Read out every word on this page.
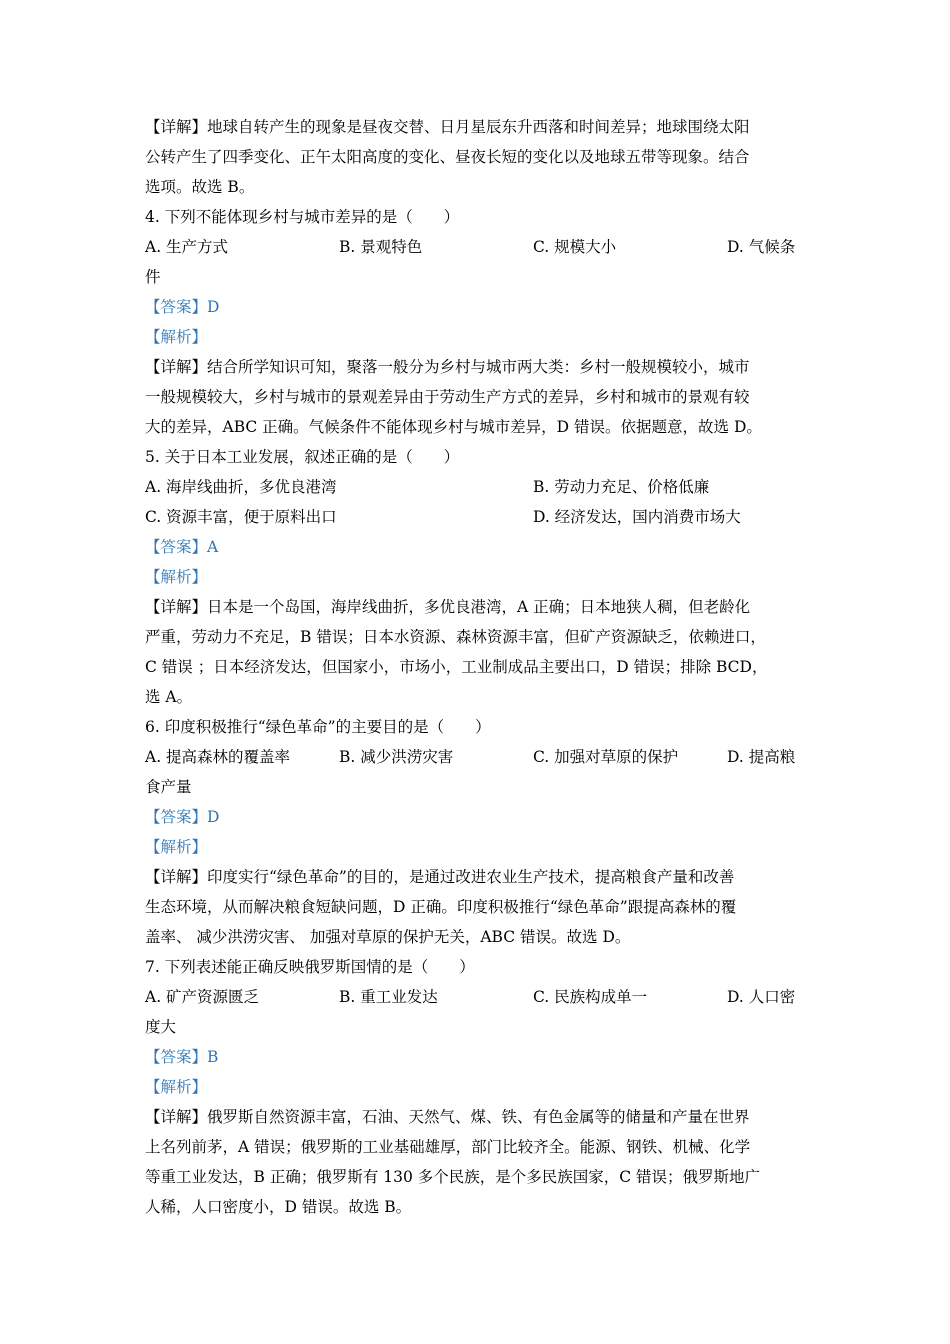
【详解】地球自转产生的现象是昼夜交替、日月星辰东升西落和时间差异；地球围绕太阳
公转产生了四季变化、正午太阳高度的变化、昼夜长短的变化以及地球五带等现象。结合
选项。故选 B。
4. 下列不能体现乡村与城市差异的是（　　）
A. 生产方式	B. 景观特色	C. 规模大小	D. 气候条
件
【答案】D
【解析】
【详解】结合所学知识可知，聚落一般分为乡村与城市两大类：乡村一般规模较小，城市
一般规模较大，乡村与城市的景观差异由于劳动生产方式的差异，乡村和城市的景观有较
大的差异，ABC 正确。气候条件不能体现乡村与城市差异，D 错误。依据题意，故选 D。
5. 关于日本工业发展，叙述正确的是（　　）
A. 海岸线曲折，多优良港湾	B. 劳动力充足、价格低廉
C. 资源丰富，便于原料出口	D. 经济发达，国内消费市场大
【答案】A
【解析】
【详解】日本是一个岛国，海岸线曲折，多优良港湾，A 正确；日本地狭人稠，但老龄化
严重，劳动力不充足，B 错误；日本水资源、森林资源丰富，但矿产资源缺乏，依赖进口，
C 错误 ；日本经济发达，但国家小，市场小，工业制成品主要出口，D 错误；排除 BCD，
选 A。
6. 印度积极推行“绿色革命”的主要目的是（　　）
A. 提高森林的覆盖率	B. 减少洪涝灾害	C. 加强对草原的保护	D. 提高粮
食产量
【答案】D
【解析】
【详解】印度实行“绿色革命”的目的，是通过改进农业生产技术，提高粮食产量和改善
生态环境，从而解决粮食短缺问题，D 正确。印度积极推行“绿色革命”跟提高森林的覆
盖率、 减少洪涝灾害、 加强对草原的保护无关，ABC 错误。故选 D。
7. 下列表述能正确反映俄罗斯国情的是（　　）
A. 矿产资源匮乏	B. 重工业发达	C. 民族构成单一	D. 人口密
度大
【答案】B
【解析】
【详解】俄罗斯自然资源丰富，石油、天然气、煤、铁、有色金属等的储量和产量在世界
上名列前茅，A 错误；俄罗斯的工业基础雄厚，部门比较齐全。能源、钢铁、机械、化学
等重工业发达，B 正确；俄罗斯有 130 多个民族，是个多民族国家，C 错误；俄罗斯地广
人稀，人口密度小，D 错误。故选 B。
